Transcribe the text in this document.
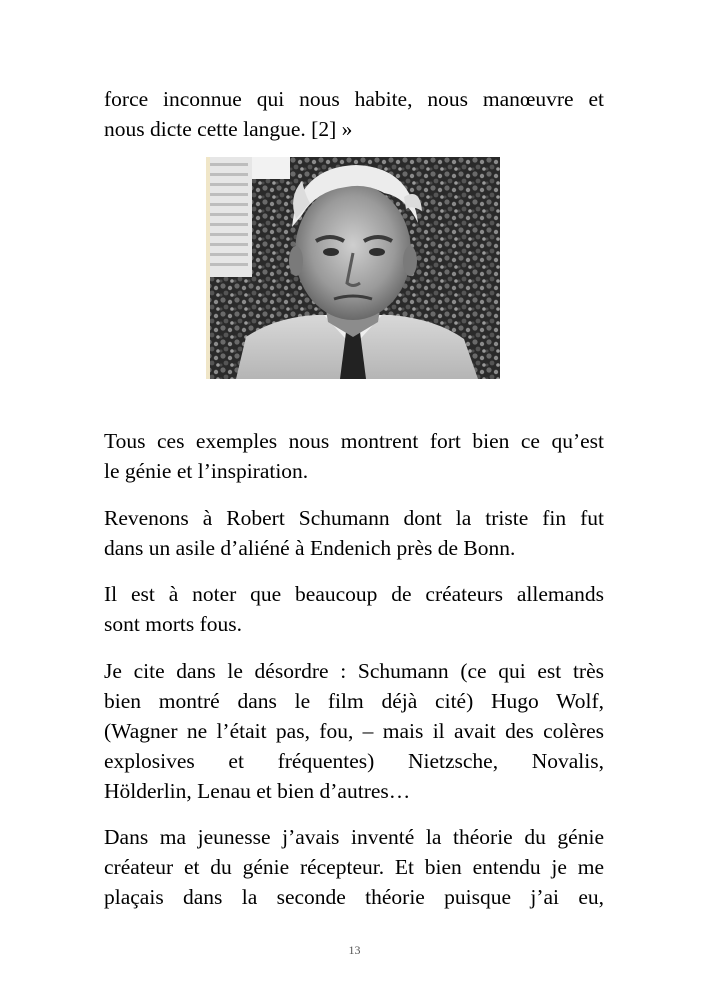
force inconnue qui nous habite, nous manœuvre et
nous dicte cette langue. [2] »
Tous ces exemples nous montrent fort bien ce qu’est
le génie et l’inspiration.
Revenons à Robert Schumann dont la triste fin fut
dans un asile d’aliéné à Endenich près de Bonn.
Il est à noter que beaucoup de créateurs allemands
sont morts fous.
Je cite dans le désordre : Schumann (ce qui est très
bien montré dans le film déjà cité) Hugo Wolf,
(Wagner ne l’était pas, fou, – mais il avait des colères
explosives et fréquentes) Nietzsche, Novalis,
Hölderlin, Lenau et bien d’autres…
Dans ma jeunesse j’avais inventé la théorie du génie
créateur et du génie récepteur. Et bien entendu je me
plaçais dans la seconde théorie puisque j’ai eu,
13
